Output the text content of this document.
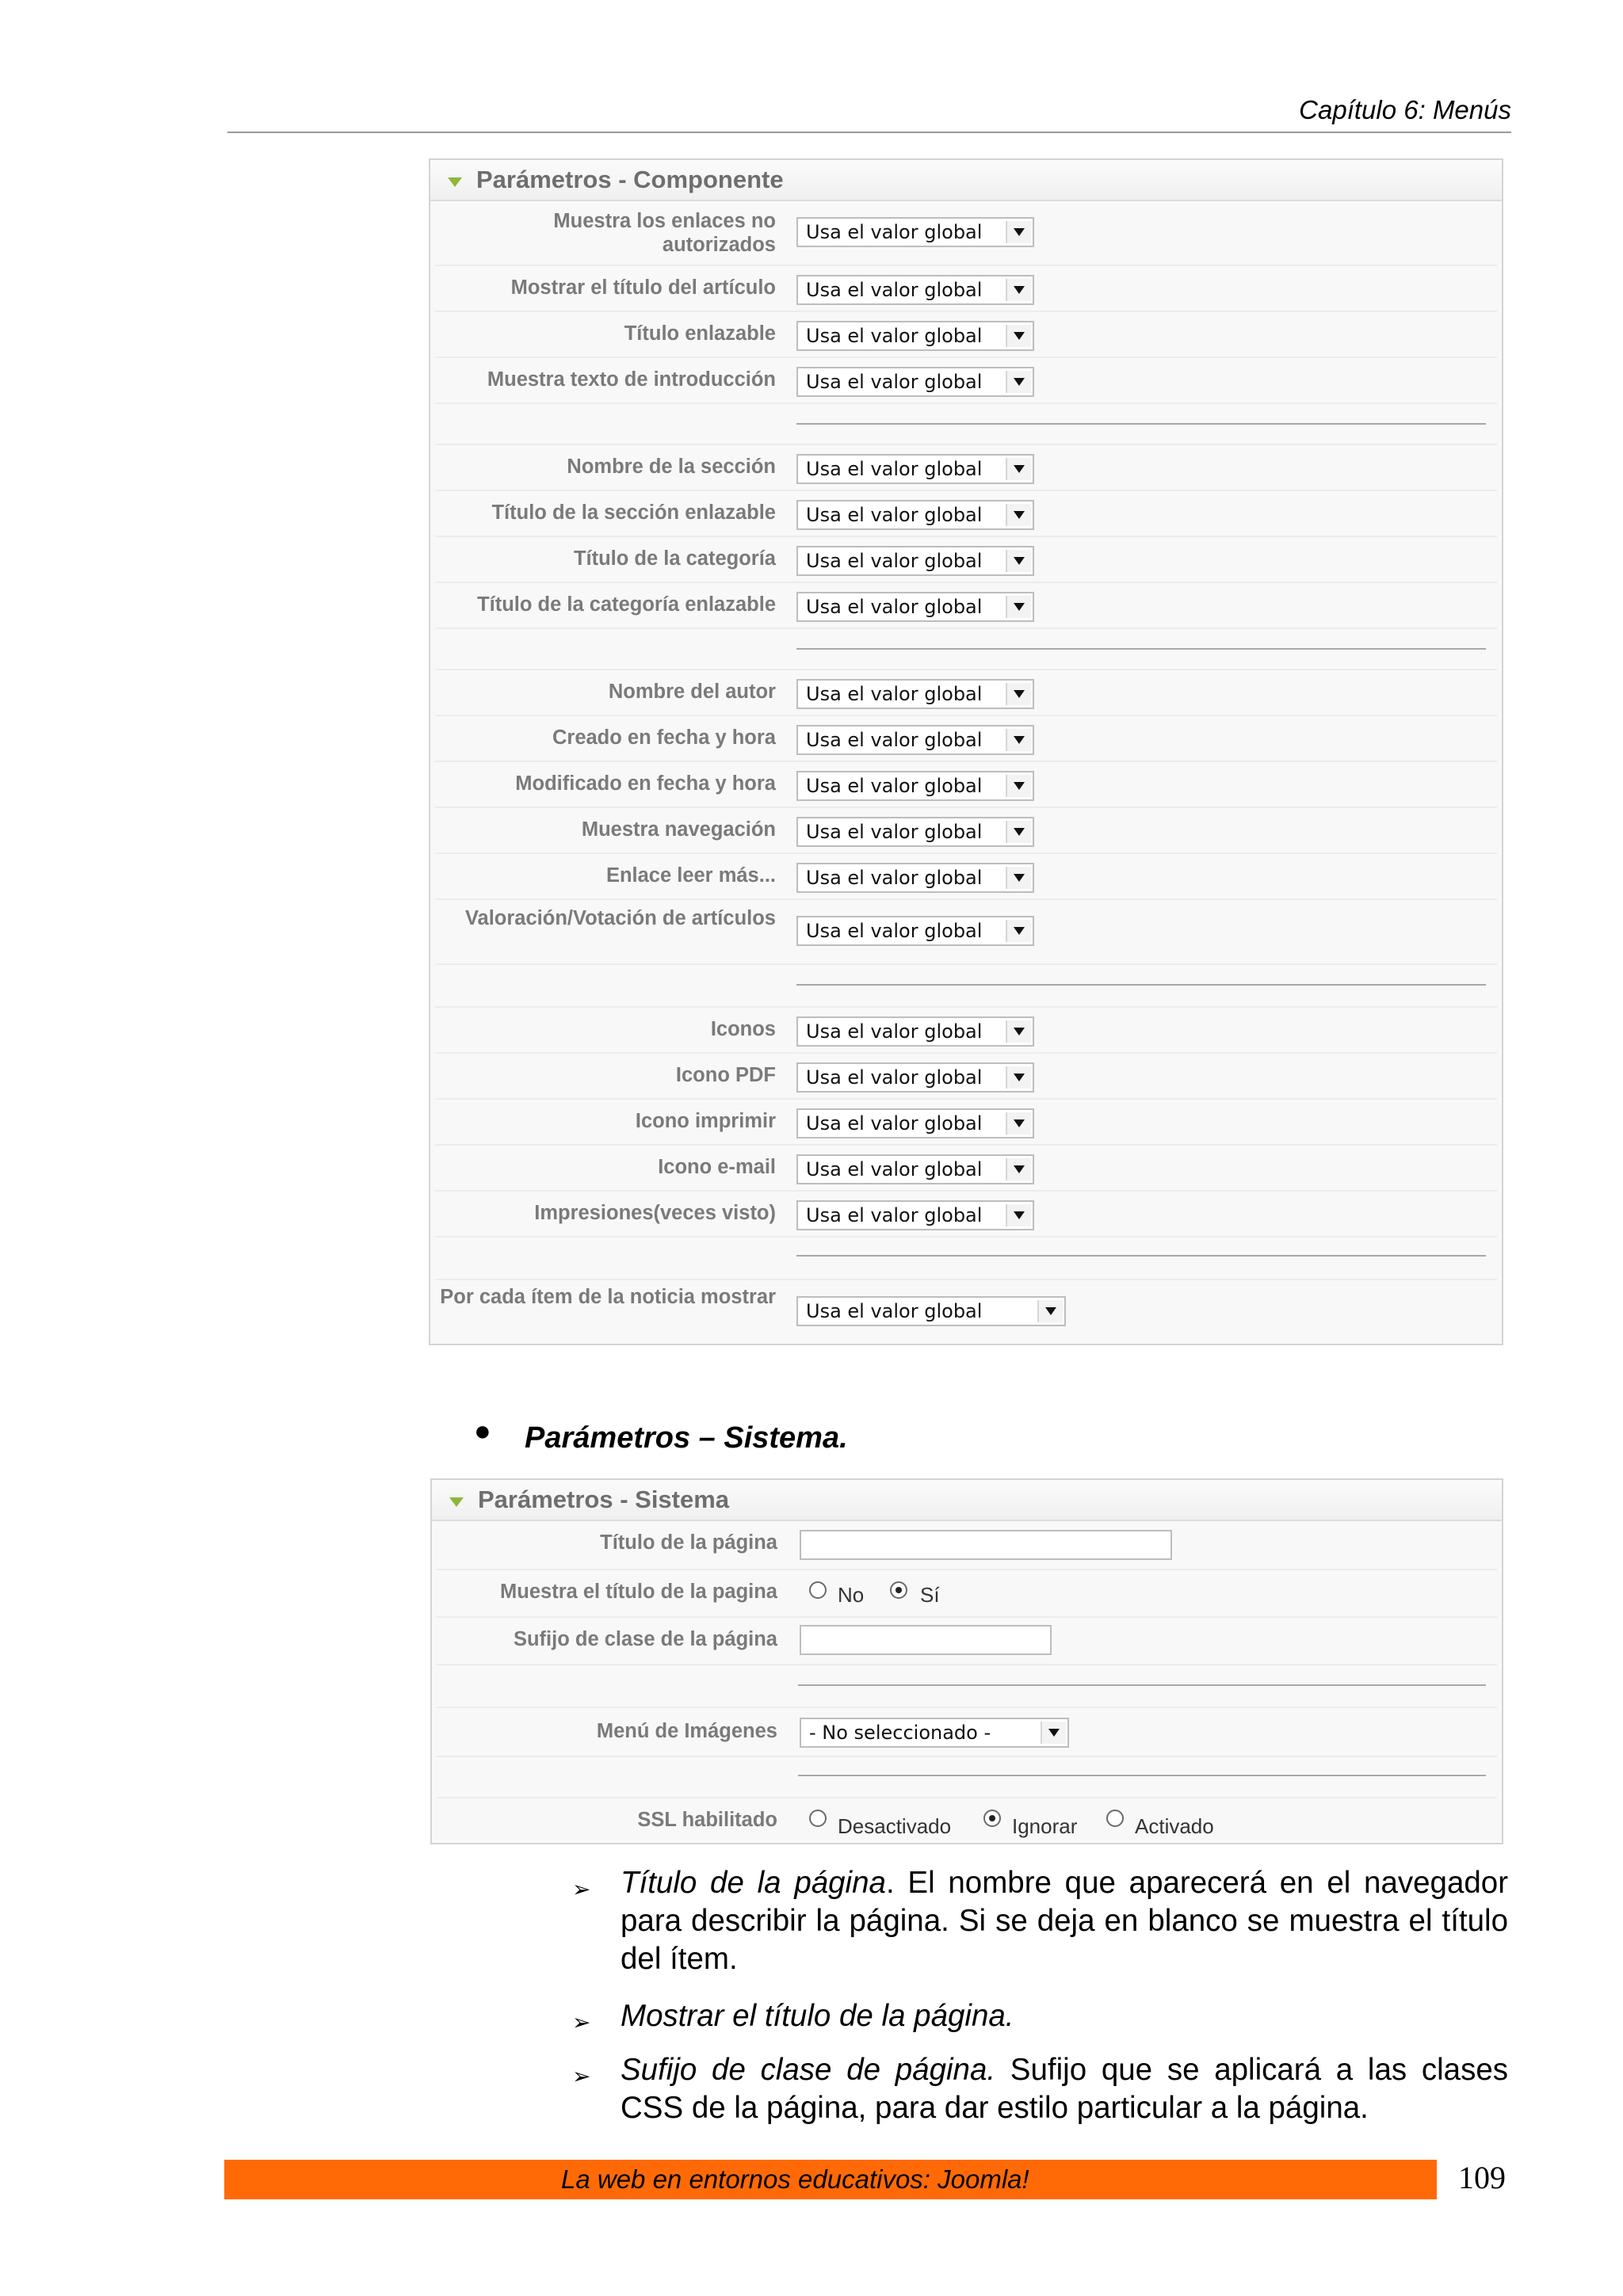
Capítulo 6: Menús
Parámetros - Componente
Muestra los enlaces no autorizados
Usa el valor global
Mostrar el título del artículo	Usa el valor global
Título enlazable	Usa el valor global
Muestra texto de introducción	Usa el valor global
Nombre de la sección	Usa el valor global
Título de la sección enlazable	Usa el valor global
Título de la categoría	Usa el valor global
Título de la categoría enlazable	Usa el valor global
Nombre del autor	Usa el valor global
Creado en fecha y hora	Usa el valor global
Modificado en fecha y hora	Usa el valor global
Muestra navegación	Usa el valor global
Enlace leer más...	Usa el valor global
Valoración/Votación de artículos
Usa el valor global
Iconos	Usa el valor global
Icono PDF	Usa el valor global
Icono imprimir	Usa el valor global
Icono e-mail	Usa el valor global
Impresiones(veces visto)	Usa el valor global
Por cada ítem de la noticia mostrar
Usa el valor global
● Parámetros – Sistema.
Parámetros - Sistema
Título de la página
Muestra el título de la pagina	No	Sí
Sufijo de clase de la página
Menú de Imágenes	- No seleccionado -
SSL habilitado	Desactivado	Ignorar	Activado
➢ Título de la página. El nombre que aparecerá en el navegador para describir la página. Si se deja en blanco se muestra el título del ítem.
➢ Mostrar el título de la página.
➢ Sufijo de clase de página. Sufijo que se aplicará a las clases CSS de la página, para dar estilo particular a la página.
La web en entornos educativos: Joomla!	109
